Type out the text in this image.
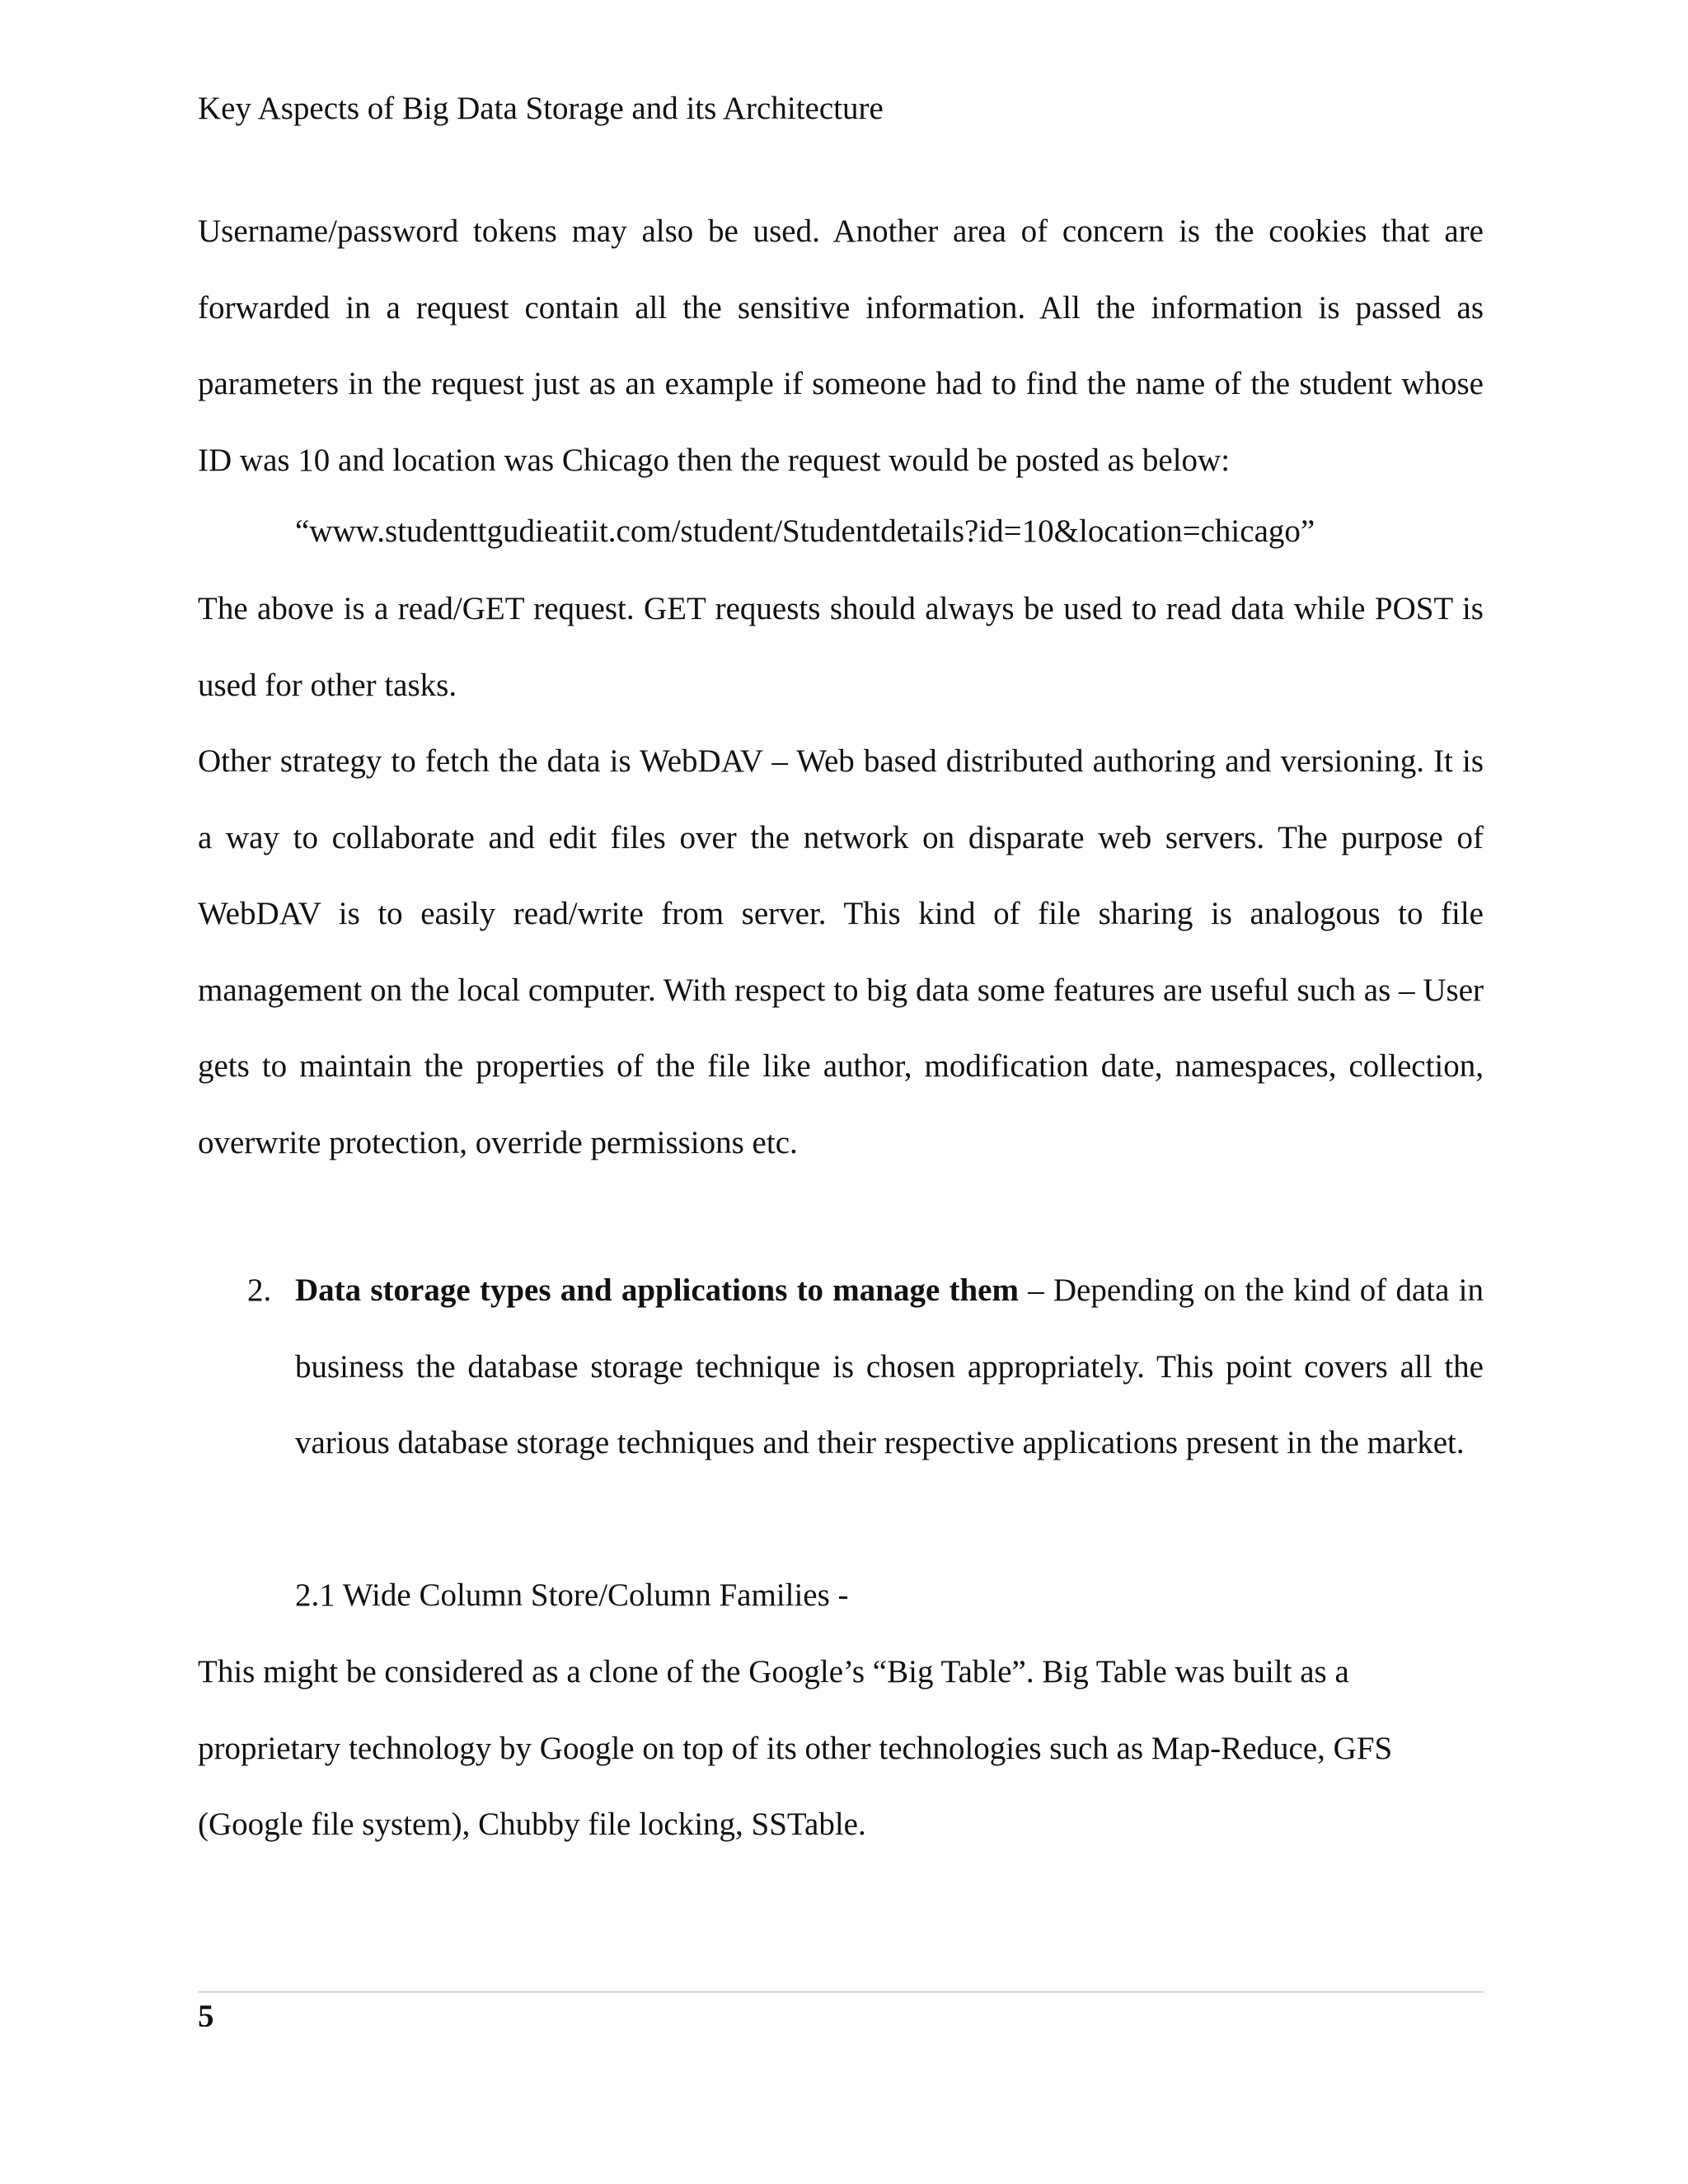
Key Aspects of Big Data Storage and its Architecture

Username/password tokens may also be used. Another area of concern is the cookies that are forwarded in a request contain all the sensitive information. All the information is passed as parameters in the request just as an example if someone had to find the name of the student whose ID was 10 and location was Chicago then the request would be posted as below:

“www.studenttgudieatiit.com/student/Studentdetails?id=10&location=chicago”

The above is a read/GET request. GET requests should always be used to read data while POST is used for other tasks.

Other strategy to fetch the data is WebDAV – Web based distributed authoring and versioning. It is a way to collaborate and edit files over the network on disparate web servers. The purpose of WebDAV is to easily read/write from server. This kind of file sharing is analogous to file management on the local computer. With respect to big data some features are useful such as – User gets to maintain the properties of the file like author, modification date, namespaces, collection, overwrite protection, override permissions etc.

2. Data storage types and applications to manage them – Depending on the kind of data in business the database storage technique is chosen appropriately. This point covers all the various database storage techniques and their respective applications present in the market.
2.1 Wide Column Store/Column Families -

This might be considered as a clone of the Google’s “Big Table”. Big Table was built as a proprietary technology by Google on top of its other technologies such as Map-Reduce, GFS (Google file system), Chubby file locking, SSTable.

5
